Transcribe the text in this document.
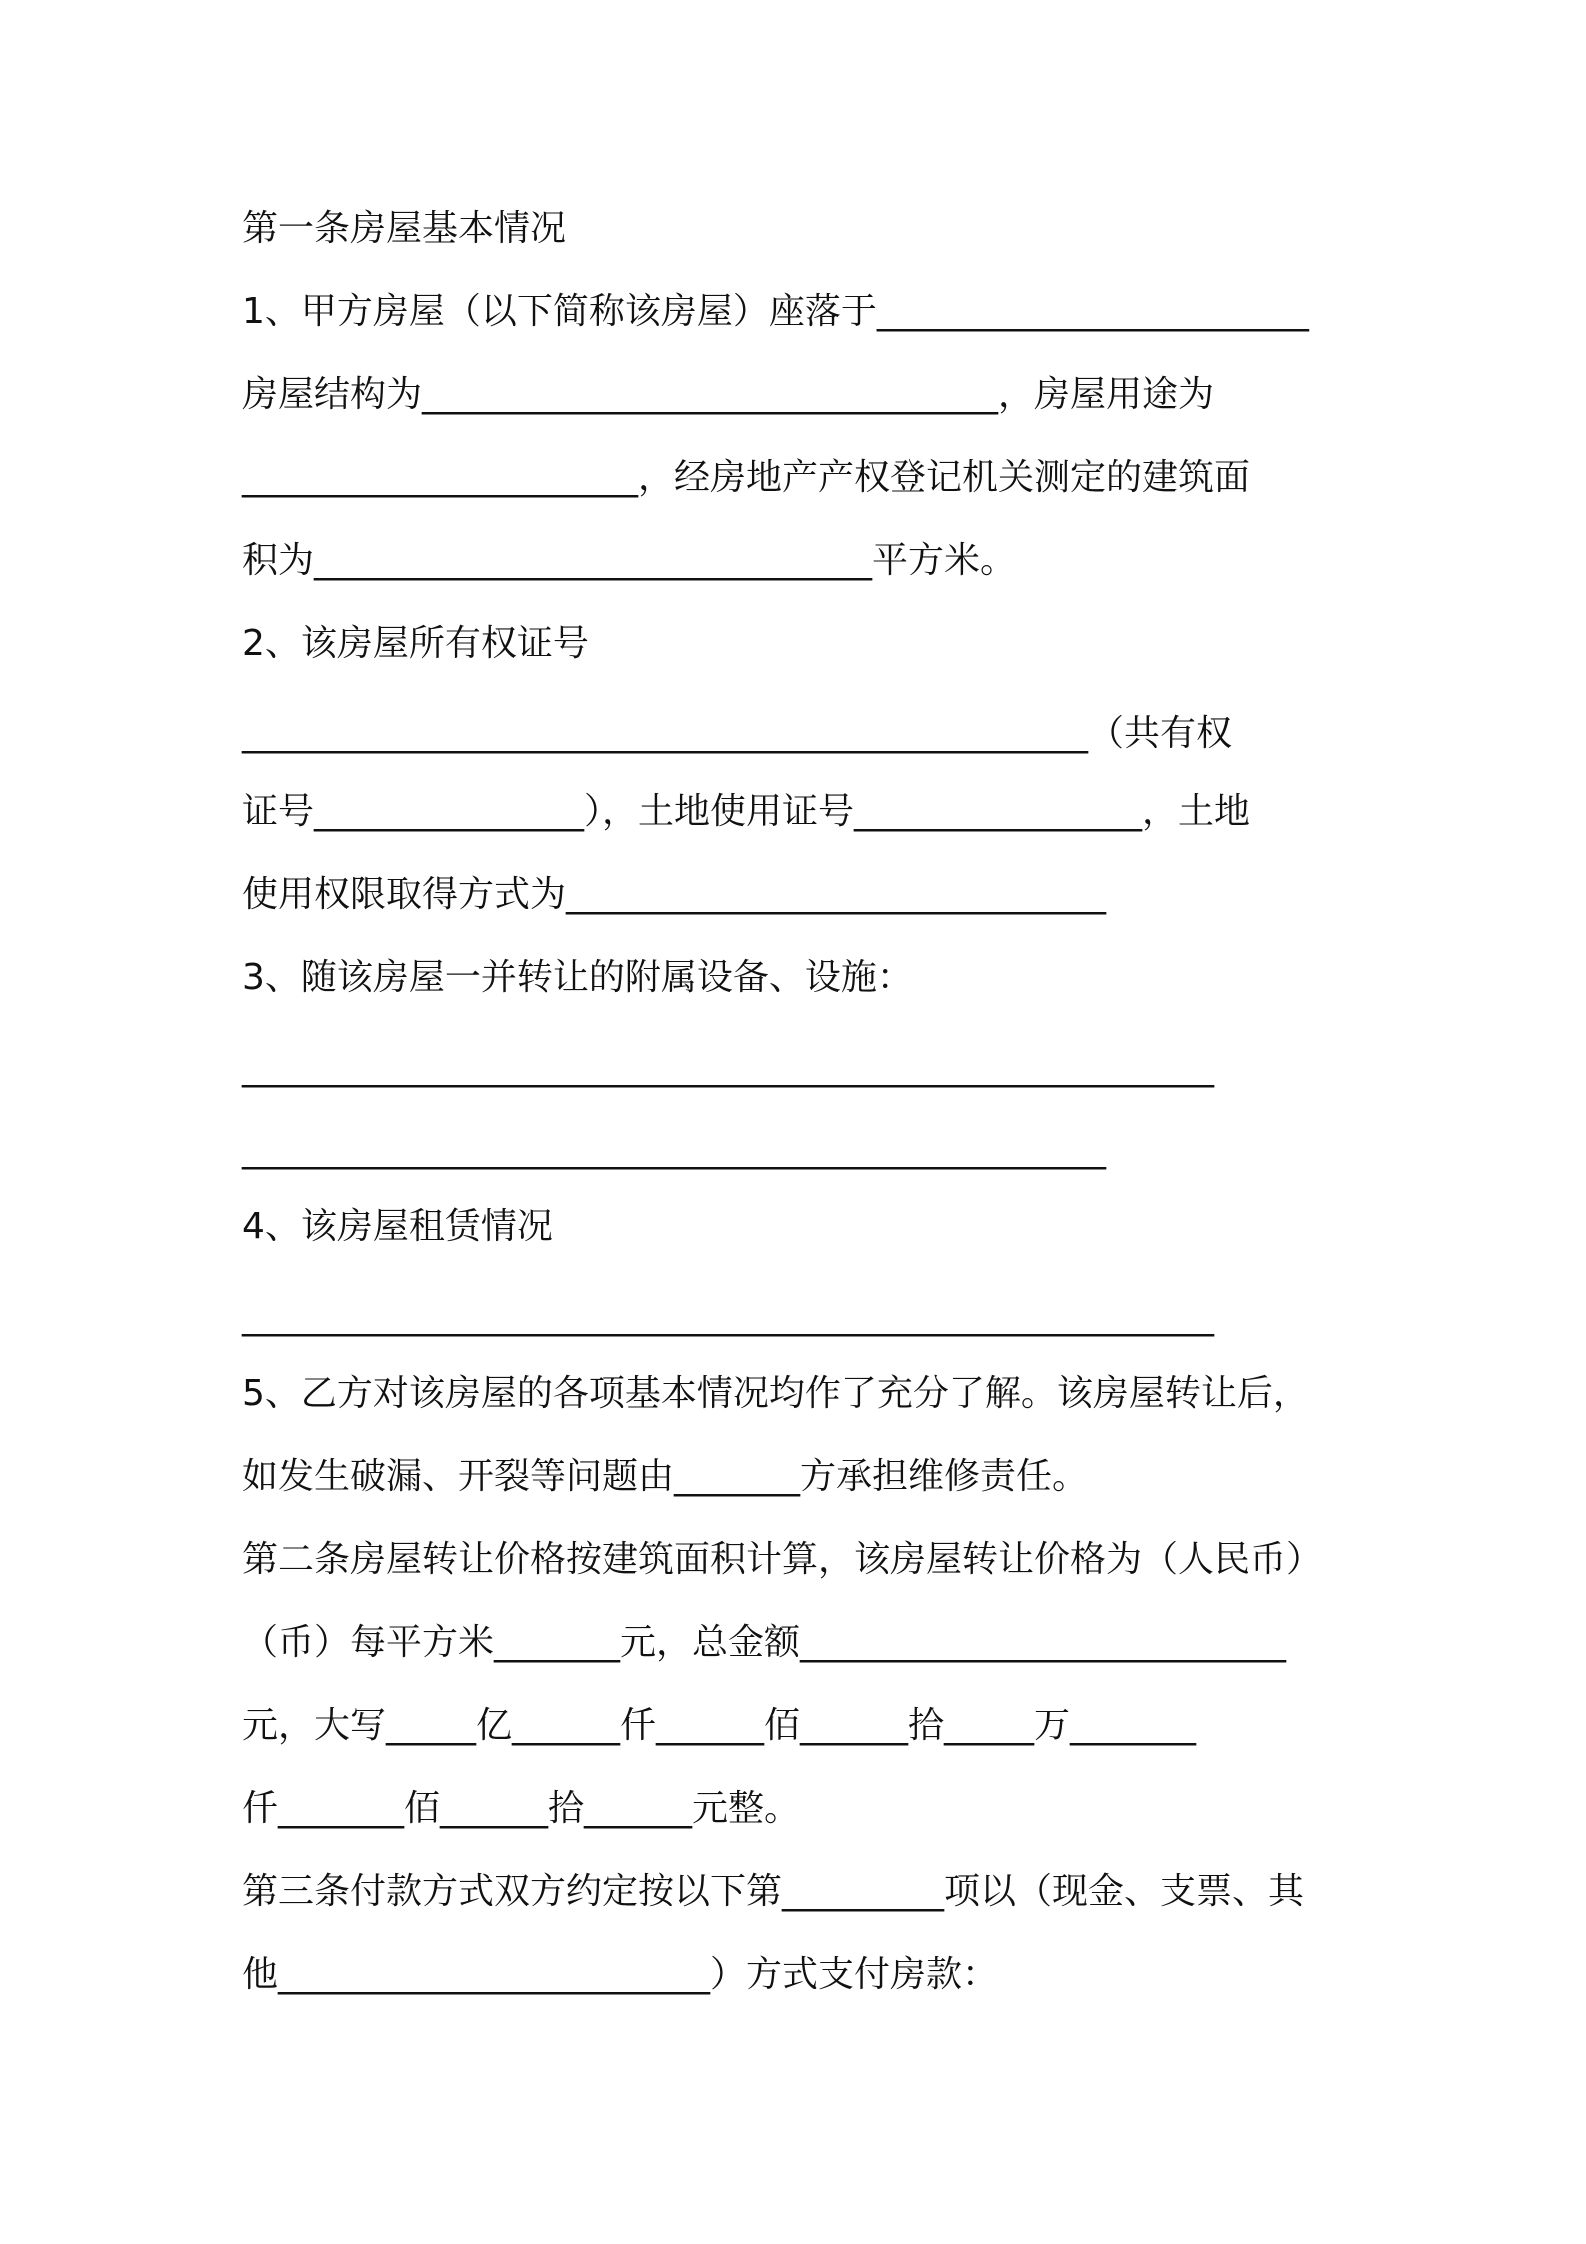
第一条房屋基本情况
1、甲方房屋（以下简称该房屋）座落于________________________
房屋结构为________________________________，房屋用途为
______________________，经房地产产权登记机关测定的建筑面
积为_______________________________平方米。
2、该房屋所有权证号
_______________________________________________（共有权
证号_______________），土地使用证号________________，土地
使用权限取得方式为______________________________
3、随该房屋一并转让的附属设备、设施：
______________________________________________________
________________________________________________
4、该房屋租赁情况
______________________________________________________
5、乙方对该房屋的各项基本情况均作了充分了解。该房屋转让后，
如发生破漏、开裂等问题由_______方承担维修责任。
第二条房屋转让价格按建筑面积计算，该房屋转让价格为（人民币）
（币）每平方米_______元，总金额___________________________
元，大写_____亿______仟______佰______拾_____万_______
仟_______佰______拾______元整。
第三条付款方式双方约定按以下第_________项以（现金、支票、其
他________________________）方式支付房款：
